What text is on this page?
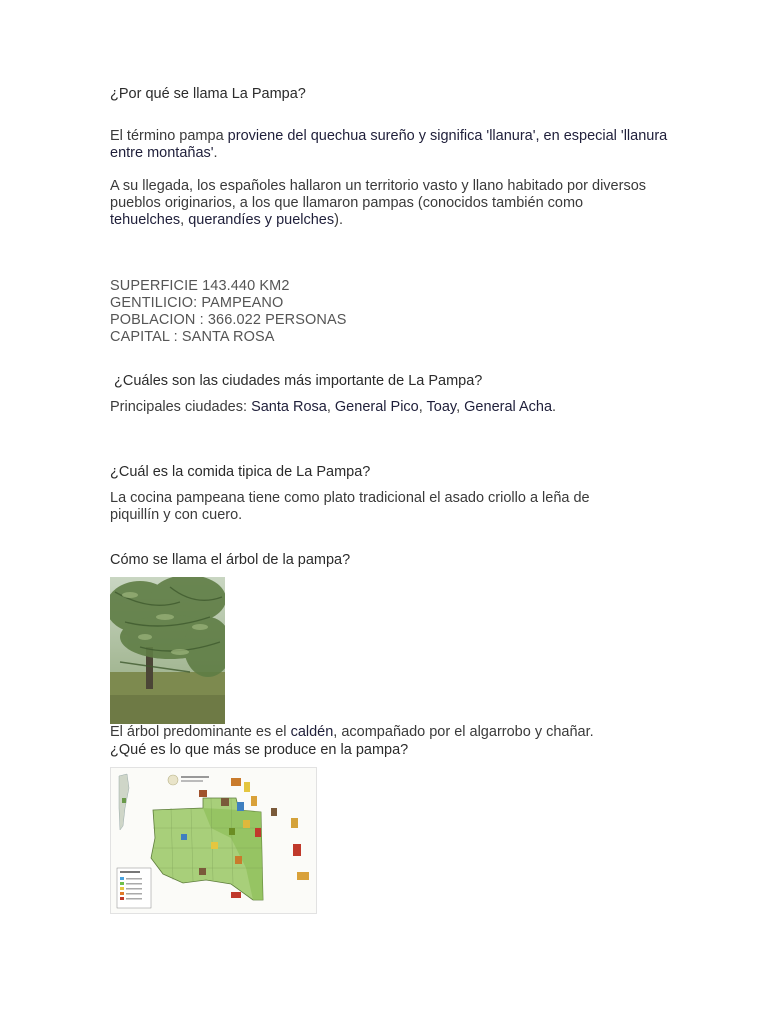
¿Por qué se llama La Pampa?

El término pampa proviene del quechua sureño y significa 'llanura', en especial 'llanura entre montañas'.

A su llegada, los españoles hallaron un territorio vasto y llano habitado por diversos pueblos originarios, a los que llamaron pampas (conocidos también como tehuelches, querandíes y puelches).

SUPERFICIE 143.440 KM2
GENTILICIO: PAMPEANO
POBLACION : 366.022 PERSONAS
CAPITAL : SANTA ROSA

¿Cuáles son las ciudades más importante de La Pampa?

Principales ciudades: Santa Rosa, General Pico, Toay, General Acha.

¿Cuál es la comida tipica de La Pampa?

La cocina pampeana tiene como plato tradicional el asado criollo a leña de piquillín y con cuero.

Cómo se llama el árbol de la pampa?

El árbol predominante es el caldén, acompañado por el algarrobo y chañar.

¿Qué es lo que más se produce en la pampa?
